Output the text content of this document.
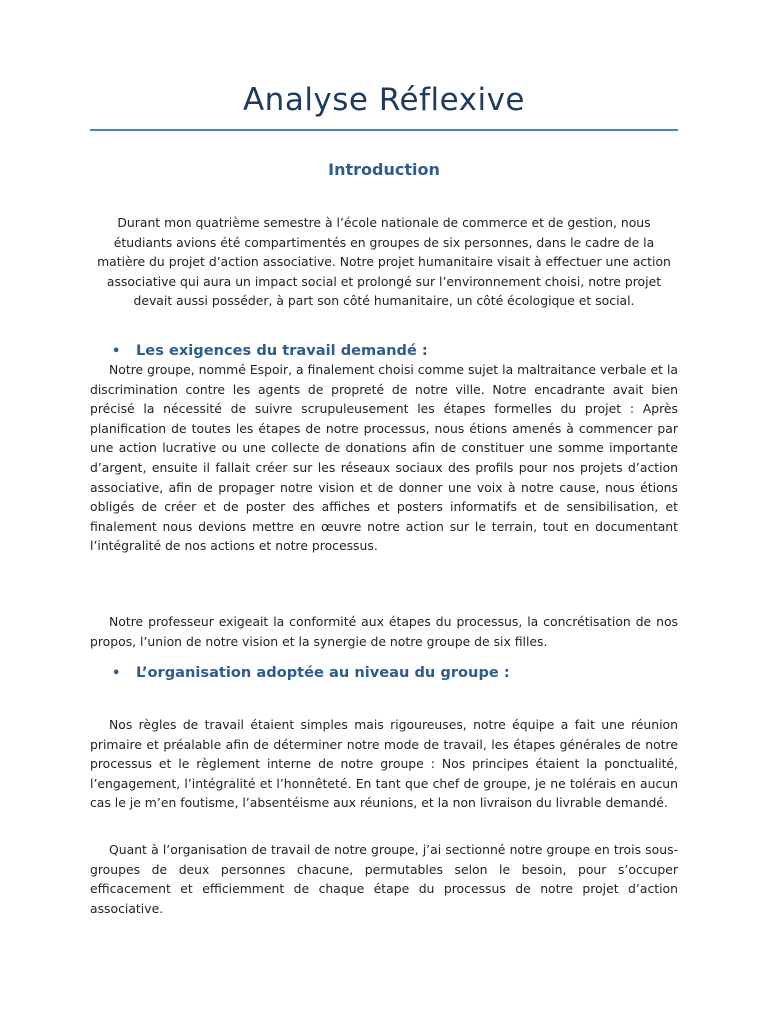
Analyse Réflexive
Introduction

Durant mon quatrième semestre à l’école nationale de commerce et de gestion, nous étudiants avions été compartimentés en groupes de six personnes, dans le cadre de la matière du projet d’action associative. Notre projet humanitaire visait à effectuer une action associative qui aura un impact social et prolongé sur l’environnement choisi, notre projet devait aussi posséder, à part son côté humanitaire, un côté écologique et social.

• Les exigences du travail demandé :

Notre groupe, nommé Espoir, a finalement choisi comme sujet la maltraitance verbale et la discrimination contre les agents de propreté de notre ville. Notre encadrante avait bien précisé la nécessité de suivre scrupuleusement les étapes formelles du projet : Après planification de toutes les étapes de notre processus, nous étions amenés à commencer par une action lucrative ou une collecte de donations afin de constituer une somme importante d’argent, ensuite il fallait créer sur les réseaux sociaux des profils pour nos projets d’action associative, afin de propager notre vision et de donner une voix à notre cause, nous étions obligés de créer et de poster des affiches et posters informatifs et de sensibilisation, et finalement nous devions mettre en œuvre notre action sur le terrain, tout en documentant l’intégralité de nos actions et notre processus.

Notre professeur exigeait la conformité aux étapes du processus, la concrétisation de nos propos, l’union de notre vision et la synergie de notre groupe de six filles.

• L’organisation adoptée au niveau du groupe :

Nos règles de travail étaient simples mais rigoureuses, notre équipe a fait une réunion primaire et préalable afin de déterminer notre mode de travail, les étapes générales de notre processus et le règlement interne de notre groupe : Nos principes étaient la ponctualité, l’engagement, l’intégralité et l’honnêteté. En tant que chef de groupe, je ne tolérais en aucun cas le je m’en foutisme, l’absentéisme aux réunions, et la non livraison du livrable demandé.

Quant à l’organisation de travail de notre groupe, j’ai sectionné notre groupe en trois sous-groupes de deux personnes chacune, permutables selon le besoin, pour s’occuper efficacement et efficiemment de chaque étape du processus de notre projet d’action associative.
